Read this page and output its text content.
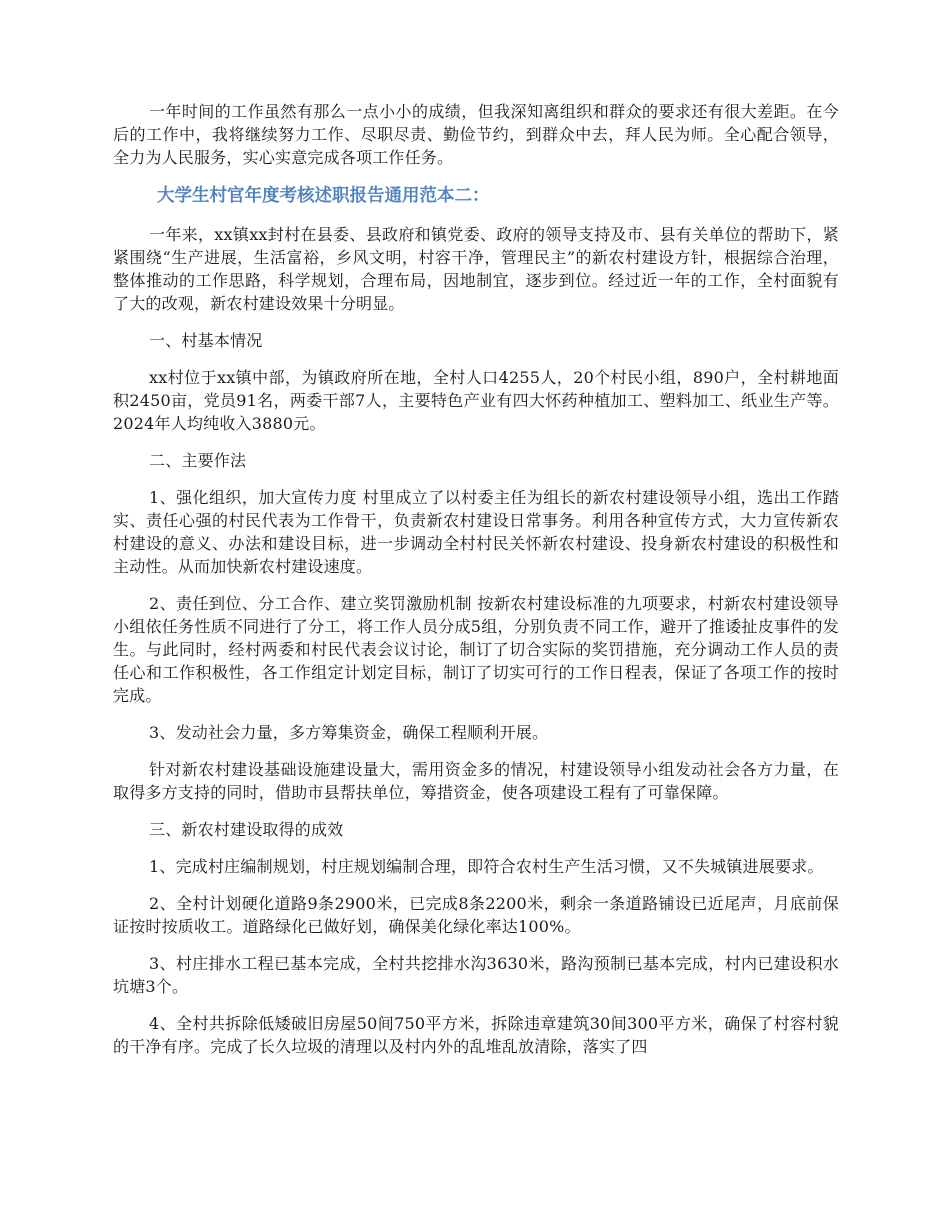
一年时间的工作虽然有那么一点小小的成绩，但我深知离组织和群众的要求还有很大差距。在今后的工作中，我将继续努力工作、尽职尽责、勤俭节约，到群众中去，拜人民为师。全心配合领导，全力为人民服务，实心实意完成各项工作任务。

大学生村官年度考核述职报告通用范本二：

一年来，xx镇xx封村在县委、县政府和镇党委、政府的领导支持及市、县有关单位的帮助下，紧紧围绕“生产进展，生活富裕，乡风文明，村容干净，管理民主”的新农村建设方针，根据综合治理，整体推动的工作思路，科学规划，合理布局，因地制宜，逐步到位。经过近一年的工作，全村面貌有了大的改观，新农村建设效果十分明显。

一、村基本情况

xx村位于xx镇中部，为镇政府所在地，全村人口4255人，20个村民小组，890户，全村耕地面积2450亩，党员91名，两委干部7人，主要特色产业有四大怀药种植加工、塑料加工、纸业生产等。2024年人均纯收入3880元。

二、主要作法

1、强化组织，加大宣传力度 村里成立了以村委主任为组长的新农村建设领导小组，选出工作踏实、责任心强的村民代表为工作骨干，负责新农村建设日常事务。利用各种宣传方式，大力宣传新农村建设的意义、办法和建设目标，进一步调动全村村民关怀新农村建设、投身新农村建设的积极性和主动性。从而加快新农村建设速度。

2、责任到位、分工合作、建立奖罚激励机制 按新农村建设标准的九项要求，村新农村建设领导小组依任务性质不同进行了分工，将工作人员分成5组，分别负责不同工作，避开了推诿扯皮事件的发生。与此同时，经村两委和村民代表会议讨论，制订了切合实际的奖罚措施，充分调动工作人员的责任心和工作积极性，各工作组定计划定目标，制订了切实可行的工作日程表，保证了各项工作的按时完成。

3、发动社会力量，多方筹集资金，确保工程顺利开展。

针对新农村建设基础设施建设量大，需用资金多的情况，村建设领导小组发动社会各方力量，在取得多方支持的同时，借助市县帮扶单位，筹措资金，使各项建设工程有了可靠保障。

三、新农村建设取得的成效

1、完成村庄编制规划，村庄规划编制合理，即符合农村生产生活习惯，又不失城镇进展要求。

2、全村计划硬化道路9条2900米，已完成8条2200米，剩余一条道路铺设已近尾声，月底前保证按时按质收工。道路绿化已做好划，确保美化绿化率达100%。

3、村庄排水工程已基本完成，全村共挖排水沟3630米，路沟预制已基本完成，村内已建设积水坑塘3个。

4、全村共拆除低矮破旧房屋50间750平方米，拆除违章建筑30间300平方米，确保了村容村貌的干净有序。完成了长久垃圾的清理以及村内外的乱堆乱放清除，落实了四
